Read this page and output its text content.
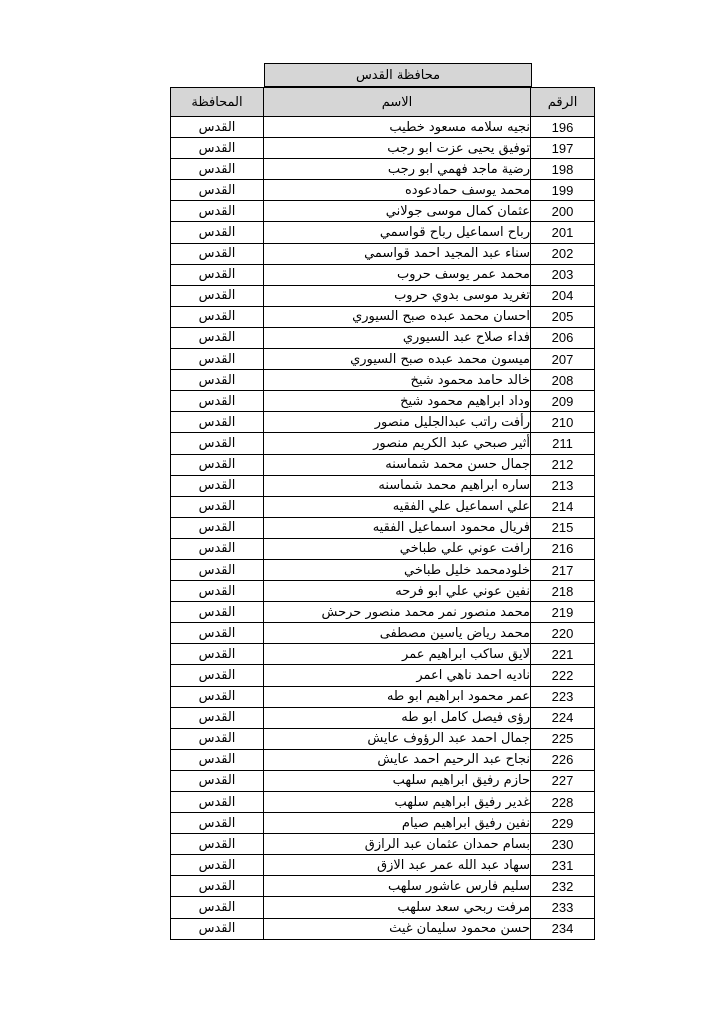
محافظة القدس
الرقم	الاسم	المحافظة
196	نجيه سلامه مسعود خطيب	القدس
197	توفيق يحيى عزت ابو رجب	القدس
198	رضية ماجد فهمي ابو رجب	القدس
199	محمد يوسف حمادعوده	القدس
200	عثمان كمال موسى جولاني	القدس
201	رباح اسماعيل رباح قواسمي	القدس
202	سناء عبد المجيد احمد قواسمي	القدس
203	محمد عمر يوسف حروب	القدس
204	تغريد موسى بدوي حروب	القدس
205	احسان محمد عبده صبح السيوري	القدس
206	فداء صلاح عبد السيوري	القدس
207	ميسون محمد عبده صبح السيوري	القدس
208	خالد حامد محمود شيخ	القدس
209	وداد ابراهيم محمود شيخ	القدس
210	رأفت راتب عبدالجليل منصور	القدس
211	أثير صبحي عبد الكريم منصور	القدس
212	جمال حسن محمد شماسنه	القدس
213	ساره ابراهيم محمد شماسنه	القدس
214	علي اسماعيل علي الفقيه	القدس
215	فريال محمود اسماعيل الفقيه	القدس
216	رافت عوني علي طباخي	القدس
217	خلودمحمد خليل طباخي	القدس
218	نفين عوني علي ابو فرحه	القدس
219	محمد منصور نمر محمد منصور حرحش	القدس
220	محمد رياض ياسين مصطفى	القدس
221	لايق ساكب ابراهيم عمر	القدس
222	ناديه احمد ناهي اعمر	القدس
223	عمر محمود ابراهيم ابو طه	القدس
224	رؤى فيصل كامل ابو طه	القدس
225	جمال احمد عبد الرؤوف عايش	القدس
226	نجاح عبد الرحيم احمد عايش	القدس
227	حازم رفيق ابراهيم سلهب	القدس
228	غدير رفيق ابراهيم سلهب	القدس
229	نفين رفيق ابراهيم صيام	القدس
230	بسام حمدان عثمان عبد الرازق	القدس
231	سهاد عبد الله عمر عبد الازق	القدس
232	سليم فارس عاشور سلهب	القدس
233	مرفت ربحي سعد سلهب	القدس
234	حسن محمود سليمان غيث	القدس
